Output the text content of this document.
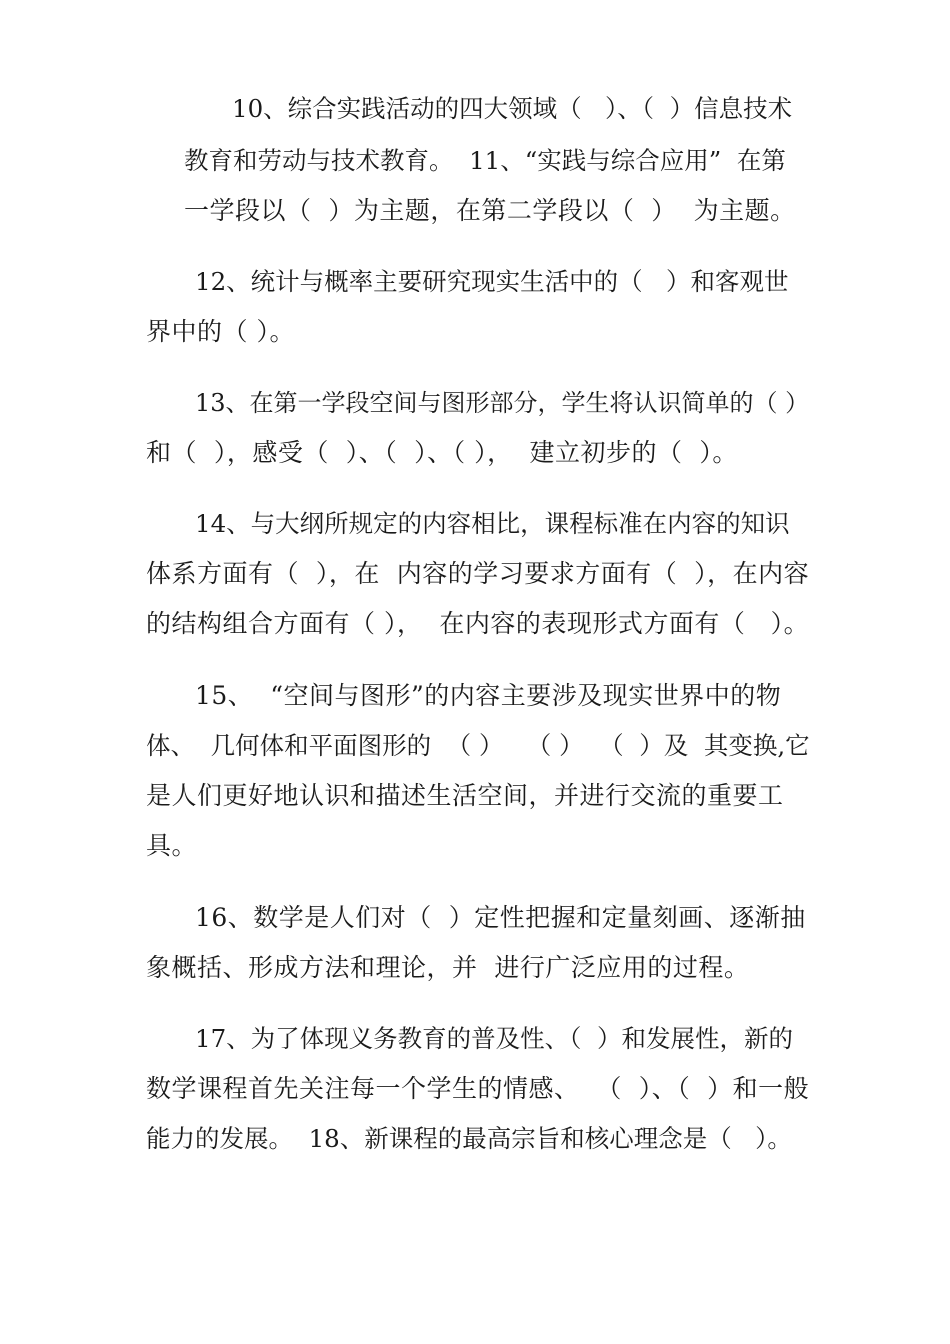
10、综合实践活动的四大领域（   ）、（  ）信息技术
教育和劳动与技术教育。  11、“实践与综合应用”  在第
一学段以（  ）为主题，在第二学段以（  ）  为主题。
12、统计与概率主要研究现实生活中的（   ）和客观世
界中的（ ）。
13、在第一学段空间与图形部分，学生将认识简单的（ ）
和（  ），感受（  ）、（  ）、（ ），  建立初步的（  ）。
14、与大纲所规定的内容相比，课程标准在内容的知识
体系方面有（  ），在  内容的学习要求方面有（  ），在内容
的结构组合方面有（ ），  在内容的表现形式方面有（   ）。
15、  “空间与图形”的内容主要涉及现实世界中的物
体、  几何体和平面图形的  （ ）   （ ）  （  ）及  其变换,它
是人们更好地认识和描述生活空间，并进行交流的重要工
具。
16、数学是人们对（  ）定性把握和定量刻画、逐渐抽
象概括、形成方法和理论，并  进行广泛应用的过程。
17、为了体现义务教育的普及性、（  ）和发展性，新的
数学课程首先关注每一个学生的情感、  （  ）、（  ）和一般
能力的发展。  18、新课程的最高宗旨和核心理念是（   ）。
